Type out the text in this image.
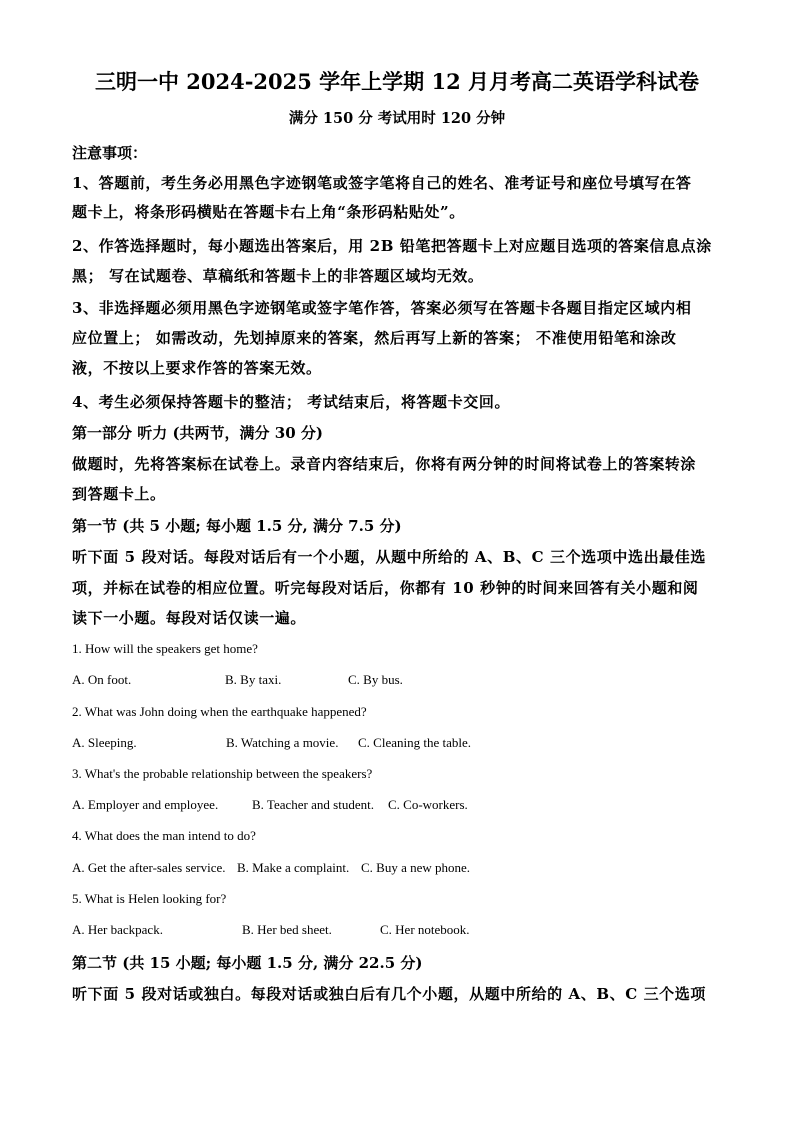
三明一中 2024-2025 学年上学期 12 月月考高二英语学科试卷
满分 150 分 考试用时 120 分钟
注意事项：
1、答题前，考生务必用黑色字迹钢笔或签字笔将自己的姓名、准考证号和座位号填写在答
题卡上，将条形码横贴在答题卡右上角“条形码粘贴处”。
2、作答选择题时，每小题选出答案后，用 2B 铅笔把答题卡上对应题目选项的答案信息点涂
黑； 写在试题卷、草稿纸和答题卡上的非答题区域均无效。
3、非选择题必须用黑色字迹钢笔或签字笔作答，答案必须写在答题卡各题目指定区域内相
应位置上； 如需改动，先划掉原来的答案，然后再写上新的答案； 不准使用铅笔和涂改
液，不按以上要求作答的答案无效。
4、考生必须保持答题卡的整洁； 考试结束后，将答题卡交回。
第一部分 听力 (共两节，满分 30 分)
做题时，先将答案标在试卷上。录音内容结束后，你将有两分钟的时间将试卷上的答案转涂
到答题卡上。
第一节 (共 5 小题; 每小题 1.5 分, 满分 7.5 分)
听下面 5 段对话。每段对话后有一个小题，从题中所给的 A、B、C 三个选项中选出最佳选
项，并标在试卷的相应位置。听完每段对话后，你都有 10 秒钟的时间来回答有关小题和阅
读下一小题。每段对话仅读一遍。
1. How will the speakers get home?
A. On foot.	B. By taxi.	C. By bus.
2. What was John doing when the earthquake happened?
A. Sleeping.	B. Watching a movie. C. Cleaning the table.
3. What's the probable relationship between the speakers?
A. Employer and employee.	B. Teacher and student. C. Co-workers.
4. What does the man intend to do?
A. Get the after-sales service. B. Make a complaint. C. Buy a new phone.
5. What is Helen looking for?
A. Her backpack.	B. Her bed sheet.	C. Her notebook.
第二节 (共 15 小题; 每小题 1.5 分, 满分 22.5 分)
听下面 5 段对话或独白。每段对话或独白后有几个小题，从题中所给的 A、B、C 三个选项
